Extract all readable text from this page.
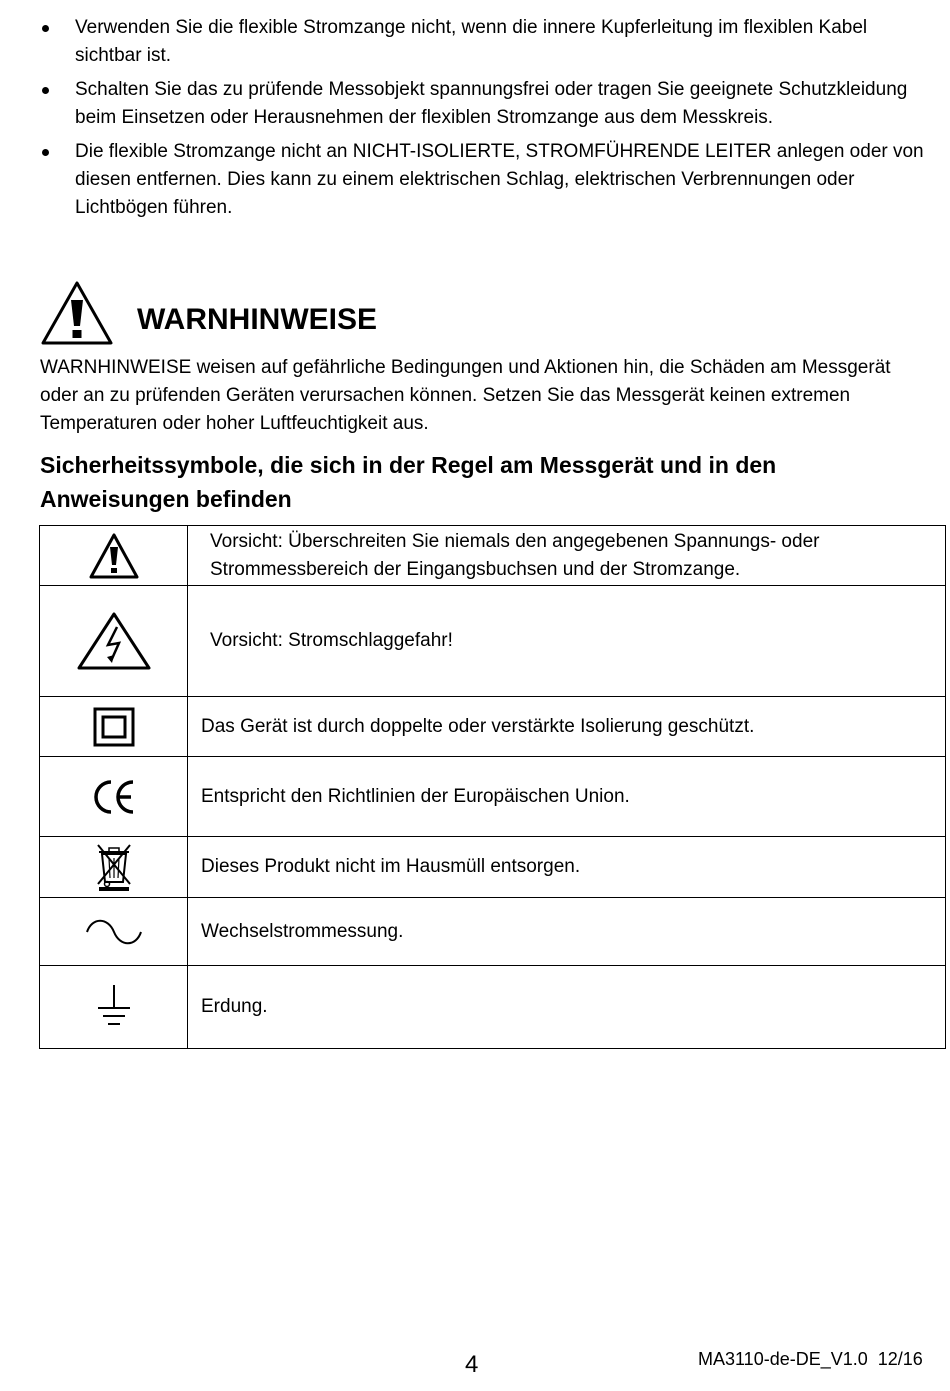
Verwenden Sie die flexible Stromzange nicht, wenn die innere Kupferleitung im flexiblen Kabel sichtbar ist.
Schalten Sie das zu prüfende Messobjekt spannungsfrei oder tragen Sie geeignete Schutzkleidung beim Einsetzen oder Herausnehmen der flexiblen Stromzange aus dem Messkreis.
Die flexible Stromzange nicht an NICHT-ISOLIERTE, STROMFÜHRENDE LEITER anlegen oder von diesen entfernen. Dies kann zu einem elektrischen Schlag, elektrischen Verbrennungen oder Lichtbögen führen.
WARNHINWEISE

WARNHINWEISE weisen auf gefährliche Bedingungen und Aktionen hin, die Schäden am Messgerät oder an zu prüfenden Geräten verursachen können. Setzen Sie das Messgerät keinen extremen Temperaturen oder hoher Luftfeuchtigkeit aus.

Sicherheitssymbole, die sich in der Regel am Messgerät und in den Anweisungen befinden
	Vorsicht: Überschreiten Sie niemals den angegebenen Spannungs- oder Strommessbereich der Eingangsbuchsen und der Stromzange.

	Vorsicht: Stromschlaggefahr!

	Das Gerät ist durch doppelte oder verstärkte Isolierung geschützt.

	Entspricht den Richtlinien der Europäischen Union.

	Dieses Produkt nicht im Hausmüll entsorgen.

	Wechselstrommessung.

	Erdung.
4	MA3110-de-DE_V1.0  12/16
